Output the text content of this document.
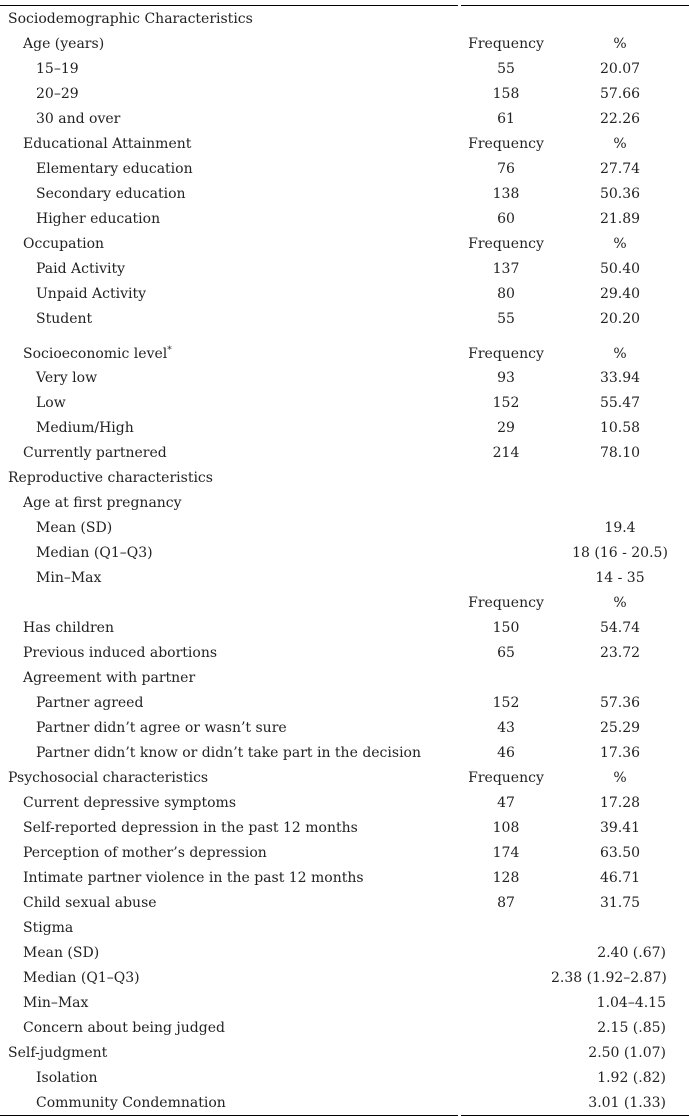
Sociodemographic Characteristics			
Age (years)		Frequency	%
15–19		55	20.07
20–29		158	57.66
30 and over		61	22.26
Educational Attainment		Frequency	%
Elementary education		76	27.74
Secondary education		138	50.36
Higher education		60	21.89
Occupation		Frequency	%
Paid Activity		137	50.40
Unpaid Activity		80	29.40
Student		55	20.20
Socioeconomic level*		Frequency	%
Very low		93	33.94
Low		152	55.47
Medium/High		29	10.58
Currently partnered		214	78.10
Reproductive characteristics			
Age at first pregnancy			
Mean (SD)			19.4
Median (Q1–Q3)			18 (16 - 20.5)
Min–Max			14 - 35
		Frequency	%
Has children		150	54.74
Previous induced abortions		65	23.72
Agreement with partner			
Partner agreed		152	57.36
Partner didn’t agree or wasn’t sure		43	25.29
Partner didn’t know or didn’t take part in the decision		46	17.36
Psychosocial characteristics		Frequency	%
Current depressive symptoms		47	17.28
Self-reported depression in the past 12 months		108	39.41
Perception of mother’s depression		174	63.50
Intimate partner violence in the past 12 months		128	46.71
Child sexual abuse		87	31.75
Stigma			
Mean (SD)			2.40 (.67)
Median (Q1–Q3)			2.38 (1.92–2.87)
Min–Max			1.04–4.15
Concern about being judged			2.15 (.85)
Self-judgment			2.50 (1.07)
Isolation			1.92 (.82)
Community Condemnation			3.01 (1.33)
